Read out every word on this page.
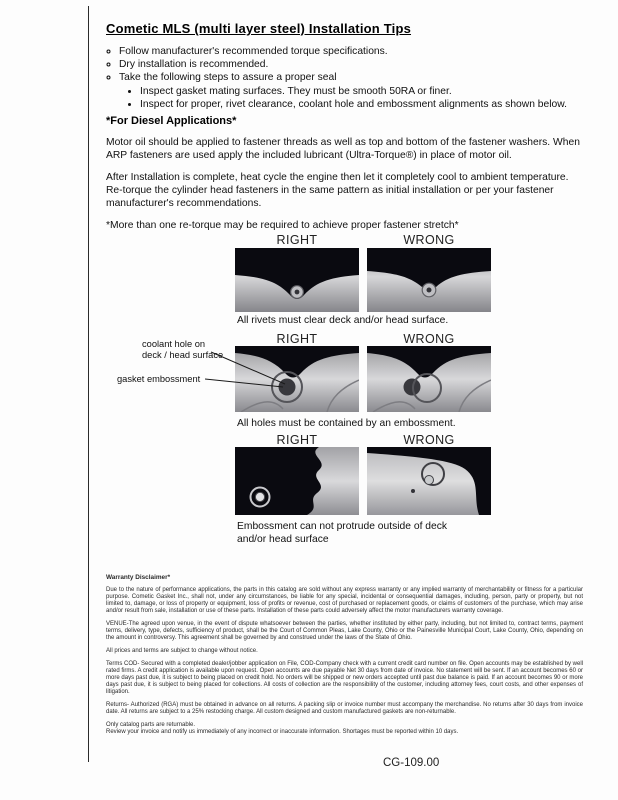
Cometic MLS (multi layer steel) Installation Tips
◦ Follow manufacturer's recommended torque specifications.
◦ Dry installation is recommended.
◦ Take the following steps to assure a proper seal
• Inspect gasket mating surfaces. They must be smooth 50RA or finer.
• Inspect for proper, rivet clearance, coolant hole and embossment alignments as shown below.
*For Diesel Applications*

Motor oil should be applied to fastener threads as well as top and bottom of the fastener washers. When ARP fasteners are used apply the included lubricant (Ultra-Torque®) in place of motor oil.

After Installation is complete, heat cycle the engine then let it completely cool to ambient temperature. Re-torque the cylinder head fasteners in the same pattern as initial installation or per your fastener manufacturer's recommendations.

*More than one re-torque may be required to achieve proper fastener stretch*

RIGHT	WRONG
All rivets must clear deck and/or head surface.
RIGHT	WRONG
coolant hole on
deck / head surface
gasket embossment
All holes must be contained by an embossment.
RIGHT	WRONG
Embossment can not protrude outside of deck and/or head surface
Warranty Disclaimer*

Due to the nature of performance applications, the parts in this catalog are sold without any express warranty or any implied warranty of merchantability or fitness for a particular purpose. Cometic Gasket Inc., shall not, under any circumstances, be liable for any special, incidental or consequential damages, including, person, party or property, but not limited to, damage, or loss of property or equipment, loss of profits or revenue, cost of purchased or replacement goods, or claims of customers of the purchase, which may arise and/or result from sale, installation or use of these parts. Installation of these parts could adversely affect the motor manufacturers warranty coverage.

VENUE-The agreed upon venue, in the event of dispute whatsoever between the parties, whether instituted by either party, including, but not limited to, contract terms, payment terms, delivery, type, defects, sufficiency of product, shall be the Court of Common Pleas, Lake County, Ohio or the Painesville Municipal Court, Lake County, Ohio, depending on the amount in controversy. This agreement shall be governed by and construed under the laws of the State of Ohio.

All prices and terms are subject to change without notice.

Terms COD- Secured with a completed dealer/jobber application on File, COD-Company check with a current credit card number on file. Open accounts may be established by well rated firms. A credit application is available upon request. Open accounts are due payable Net 30 days from date of invoice. No statement will be sent. If an account becomes 60 or more days past due, it is subject to being placed on credit hold. No orders will be shipped or new orders accepted until past due balance is paid. If an account becomes 90 or more days past due, it is subject to being placed for collections. All costs of collection are the responsibility of the customer, including attorney fees, court costs, and other expenses of litigation.

Returns- Authorized (RGA) must be obtained in advance on all returns. A packing slip or invoice number must accompany the merchandise. No returns after 30 days from invoice date. All returns are subject to a 25% restocking charge. All custom designed and custom manufactured gaskets are non-returnable.

Only catalog parts are returnable.

Review your invoice and notify us immediately of any incorrect or inaccurate information. Shortages must be reported within 10 days.

CG-109.00
